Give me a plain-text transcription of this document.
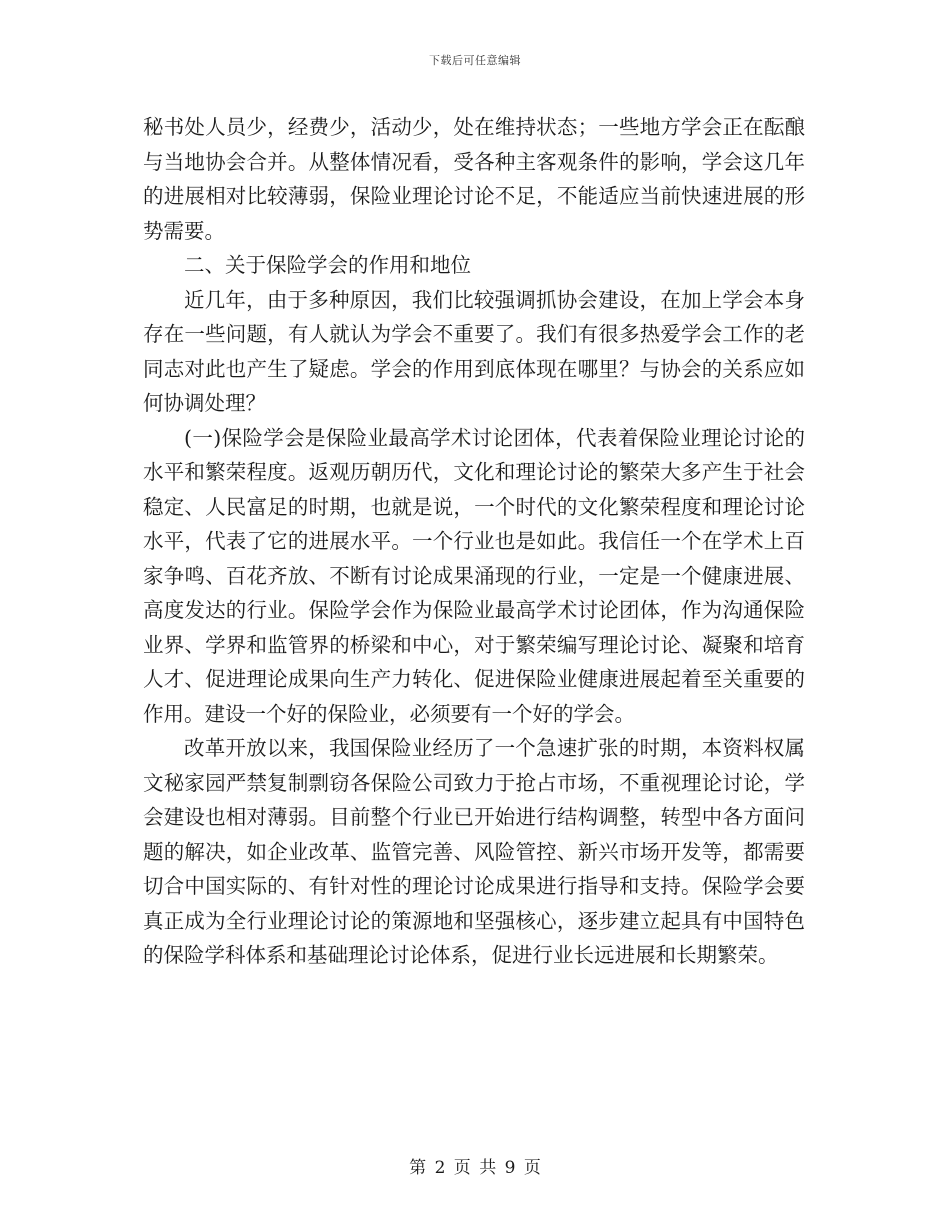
下载后可任意编辑

秘书处人员少，经费少，活动少，处在维持状态；一些地方学会正在酝酿与当地协会合并。从整体情况看，受各种主客观条件的影响，学会这几年的进展相对比较薄弱，保险业理论讨论不足，不能适应当前快速进展的形势需要。

二、关于保险学会的作用和地位

近几年，由于多种原因，我们比较强调抓协会建设，在加上学会本身存在一些问题，有人就认为学会不重要了。我们有很多热爱学会工作的老同志对此也产生了疑虑。学会的作用到底体现在哪里？与协会的关系应如何协调处理？

(一)保险学会是保险业最高学术讨论团体，代表着保险业理论讨论的水平和繁荣程度。返观历朝历代，文化和理论讨论的繁荣大多产生于社会稳定、人民富足的时期，也就是说，一个时代的文化繁荣程度和理论讨论水平，代表了它的进展水平。一个行业也是如此。我信任一个在学术上百家争鸣、百花齐放、不断有讨论成果涌现的行业，一定是一个健康进展、高度发达的行业。保险学会作为保险业最高学术讨论团体，作为沟通保险业界、学界和监管界的桥梁和中心，对于繁荣编写理论讨论、凝聚和培育人才、促进理论成果向生产力转化、促进保险业健康进展起着至关重要的作用。建设一个好的保险业，必须要有一个好的学会。

改革开放以来，我国保险业经历了一个急速扩张的时期，本资料权属文秘家园严禁复制剽窃各保险公司致力于抢占市场，不重视理论讨论，学会建设也相对薄弱。目前整个行业已开始进行结构调整，转型中各方面问题的解决，如企业改革、监管完善、风险管控、新兴市场开发等，都需要切合中国实际的、有针对性的理论讨论成果进行指导和支持。保险学会要真正成为全行业理论讨论的策源地和坚强核心，逐步建立起具有中国特色的保险学科体系和基础理论讨论体系，促进行业长远进展和长期繁荣。

第 2 页 共 9 页
